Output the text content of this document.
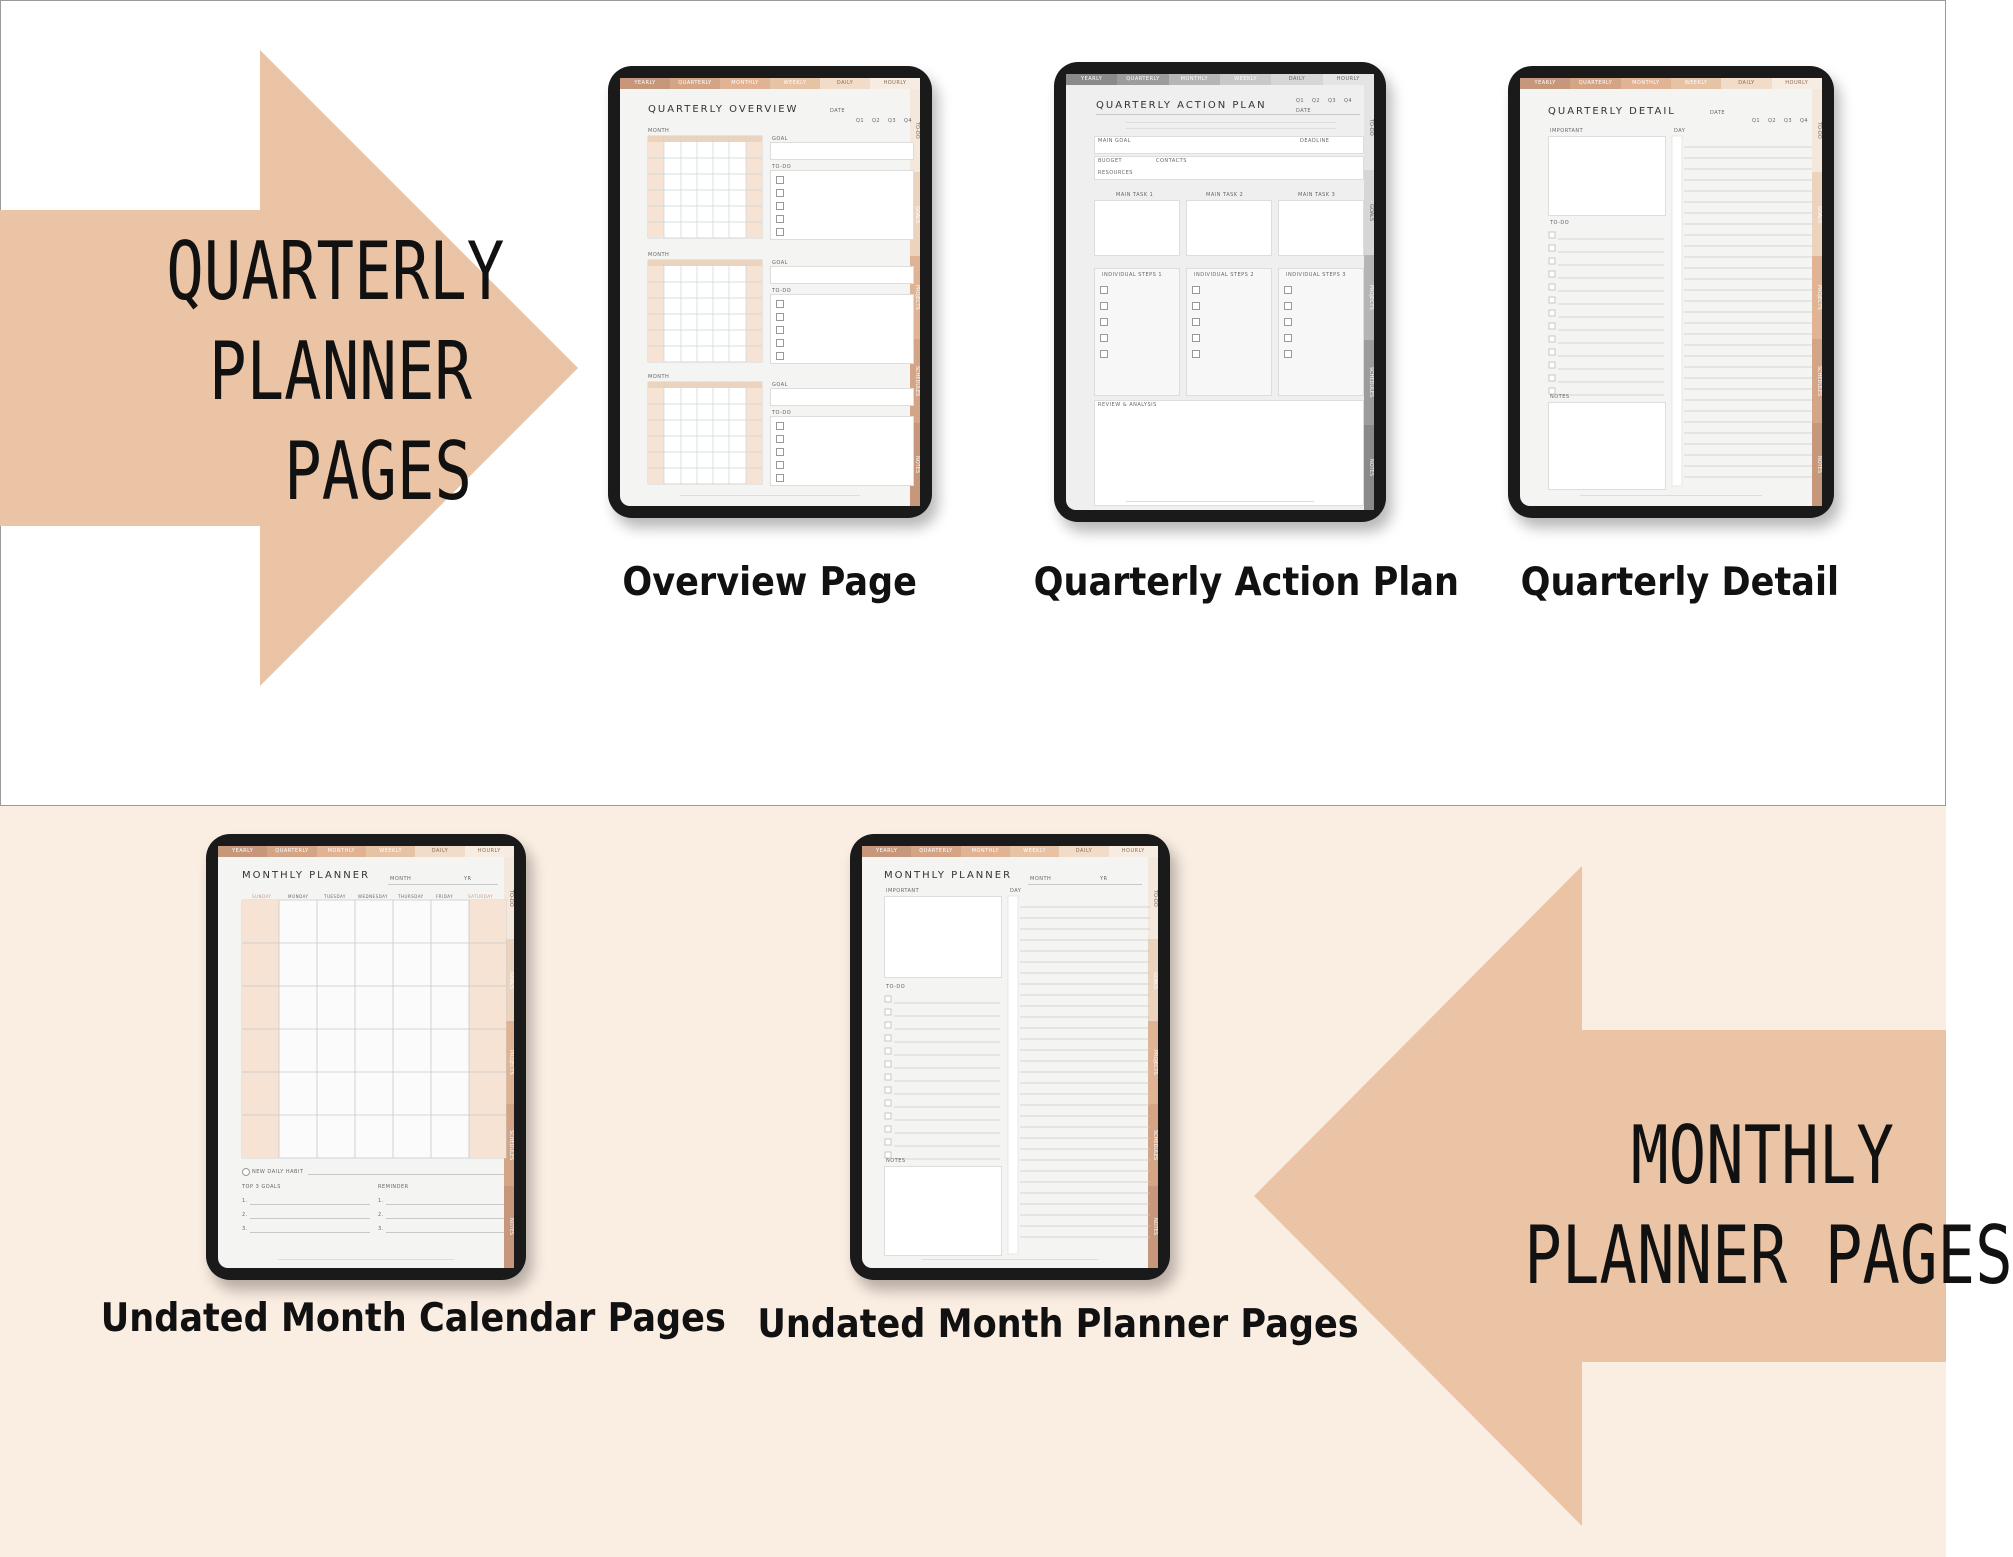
QUARTERLY
PLANNER
PAGES
MONTHLY
PLANNER PAGES
YEARLY	QUARTERLY	MONTHLY	WEEKLY	DAILY	HOURLY
TO-DO
GOALS
PROJECTS
SCHEDULES
NOTES
QUARTERLY OVERVIEW	DATE
Q1 Q2 Q3 Q4
MONTH
GOAL
TO-DO
MONTH
GOAL
TO-DO
MONTH
GOAL
TO-DO
Overview Page
YEARLY	QUARTERLY	MONTHLY	WEEKLY	DAILY	HOURLY
TO-DO
GOALS
PROJECTS
SCHEDULES
NOTES
QUARTERLY ACTION PLAN	DATE
Q1 Q2 Q3 Q4
MAIN GOAL	DEADLINE
BUDGET	CONTACTS
RESOURCES
MAIN TASK 1	MAIN TASK 2	MAIN TASK 3
INDIVIDUAL STEPS 1	INDIVIDUAL STEPS 2	INDIVIDUAL STEPS 3
REVIEW & ANALYSIS
Quarterly Action Plan
YEARLY	QUARTERLY	MONTHLY	WEEKLY	DAILY	HOURLY
TO-DO
GOALS
PROJECTS
SCHEDULES
NOTES
QUARTERLY DETAIL	DATE
Q1 Q2 Q3 Q4
IMPORTANT
TO-DO
NOTES
DAY
Quarterly Detail
YEARLY	QUARTERLY	MONTHLY	WEEKLY	DAILY	HOURLY
TO-DO
GOALS
PROJECTS
SCHEDULES
NOTES
MONTHLY PLANNER	MONTH	YR
SUNDAY	MONDAY	TUESDAY	WEDNESDAY	THURSDAY	FRIDAY	SATURDAY
NEW DAILY HABIT
TOP 3 GOALS	REMINDER
1.
2.
3.
1.
2.
3.
Undated Month Calendar Pages
YEARLY	QUARTERLY	MONTHLY	WEEKLY	DAILY	HOURLY
TO-DO
GOALS
PROJECTS
SCHEDULES
NOTES
MONTHLY PLANNER	MONTH	YR
IMPORTANT
TO-DO
NOTES
DAY
Undated Month Planner Pages
